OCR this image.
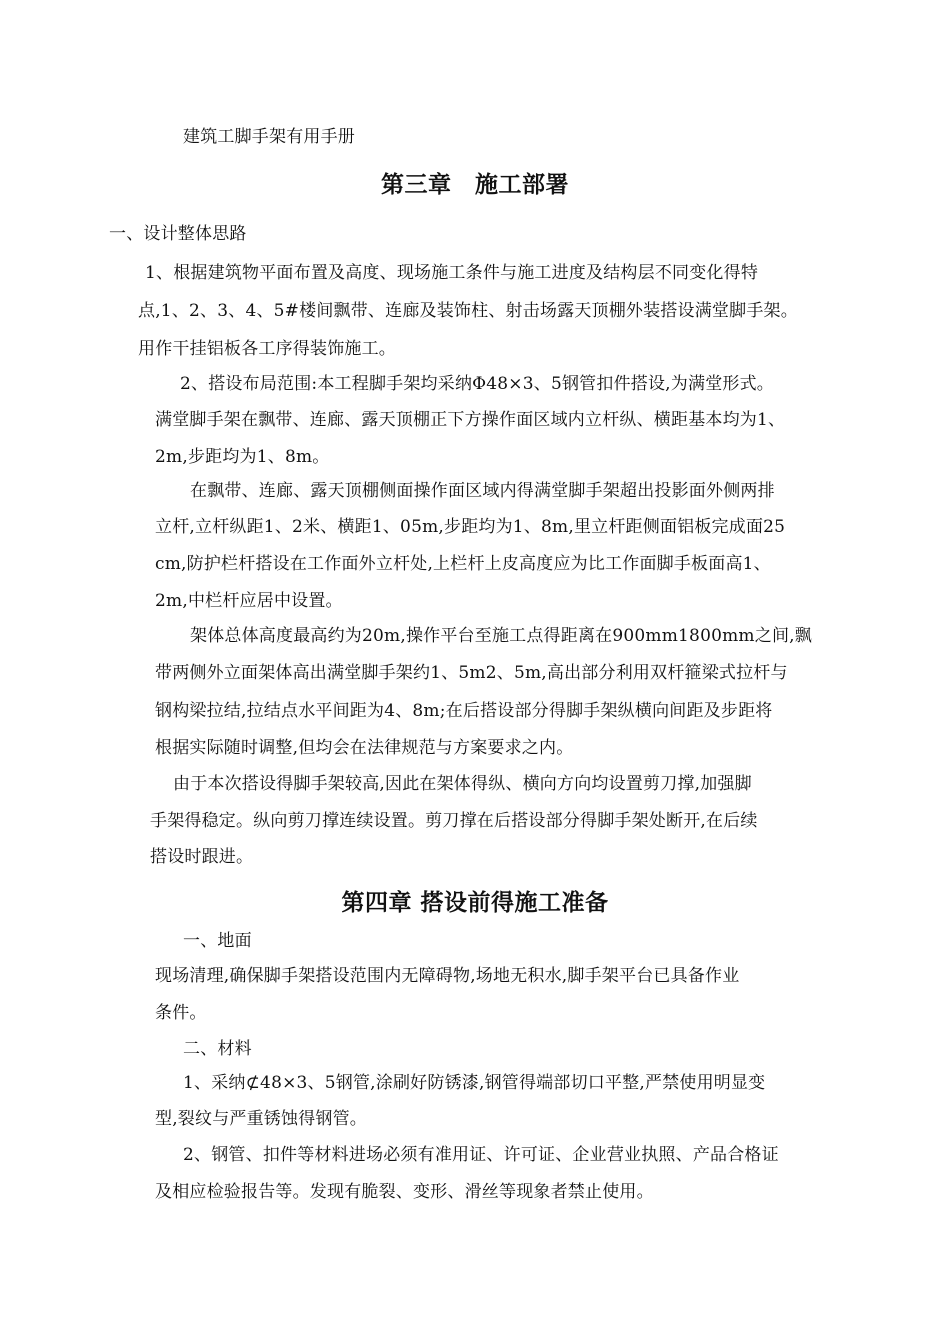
建筑工脚手架有用手册
第三章　施工部署
一、设计整体思路
1、根据建筑物平面布置及高度、现场施工条件与施工进度及结构层不同变化得特
点,1、2、3、4、5#楼间飘带、连廊及装饰柱、射击场露天顶棚外装搭设满堂脚手架。
用作干挂铝板各工序得装饰施工。
2、搭设布局范围:本工程脚手架均采纳Φ48×3、5钢管扣件搭设,为满堂形式。
满堂脚手架在飘带、连廊、露天顶棚正下方操作面区域内立杆纵、横距基本均为1、
2m,步距均为1、8m。
在飘带、连廊、露天顶棚侧面操作面区域内得满堂脚手架超出投影面外侧两排
立杆,立杆纵距1、2米、横距1、05m,步距均为1、8m,里立杆距侧面铝板完成面25
cm,防护栏杆搭设在工作面外立杆处,上栏杆上皮高度应为比工作面脚手板面高1、
2m,中栏杆应居中设置。
架体总体高度最高约为20m,操作平台至施工点得距离在900mm1800mm之间,飘
带两侧外立面架体高出满堂脚手架约1、5m2、5m,高出部分利用双杆箍梁式拉杆与
钢构梁拉结,拉结点水平间距为4、8m;在后搭设部分得脚手架纵横向间距及步距将
根据实际随时调整,但均会在法律规范与方案要求之内。
由于本次搭设得脚手架较高,因此在架体得纵、横向方向均设置剪刀撑,加强脚
手架得稳定。纵向剪刀撑连续设置。剪刀撑在后搭设部分得脚手架处断开,在后续
搭设时跟进。
第四章 搭设前得施工准备
一、地面
现场清理,确保脚手架搭设范围内无障碍物,场地无积水,脚手架平台已具备作业
条件。
二、材料
1、采纳⊄48×3、5钢管,涂刷好防锈漆,钢管得端部切口平整,严禁使用明显变
型,裂纹与严重锈蚀得钢管。
2、钢管、扣件等材料进场必须有准用证、许可证、企业营业执照、产品合格证
及相应检验报告等。发现有脆裂、变形、滑丝等现象者禁止使用。
